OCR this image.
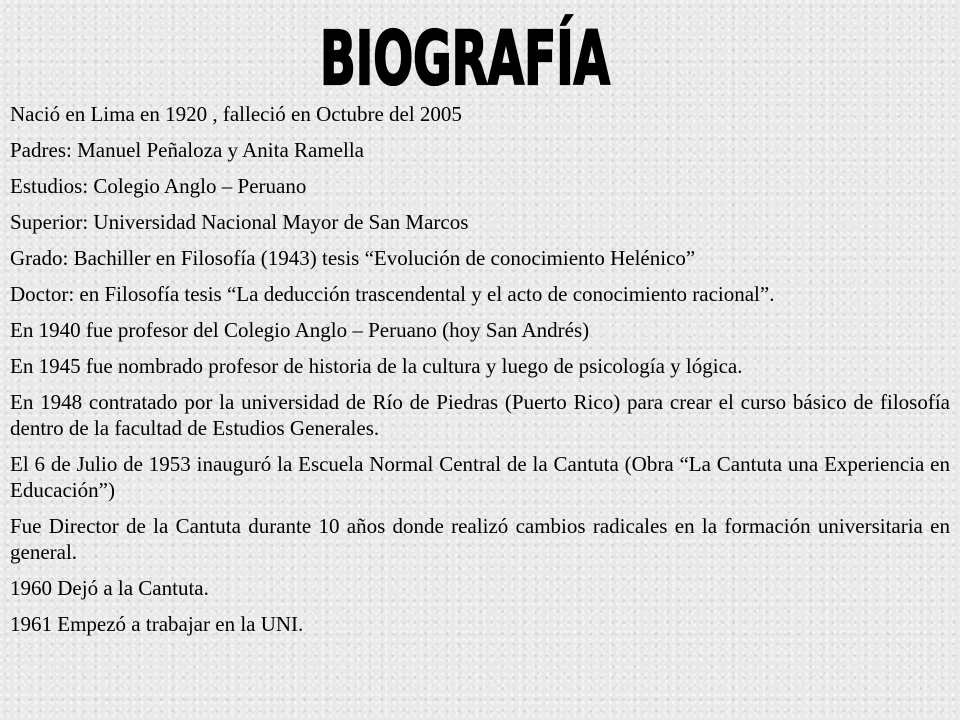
BIOGRAFÍA
Nació en Lima en 1920 , falleció en Octubre del 2005
Padres: Manuel Peñaloza y Anita Ramella
Estudios: Colegio Anglo – Peruano
Superior: Universidad Nacional Mayor de San Marcos
Grado: Bachiller en Filosofía (1943) tesis “Evolución de conocimiento Helénico”
Doctor: en Filosofía tesis “La deducción trascendental y el acto de conocimiento racional”.
En 1940 fue profesor del Colegio Anglo – Peruano (hoy San Andrés)
En 1945 fue nombrado profesor de historia de la cultura y luego de psicología y lógica.
En 1948 contratado por la universidad de Río de Piedras (Puerto Rico) para crear el curso básico de filosofía dentro de la facultad de Estudios Generales.
El 6 de Julio de 1953 inauguró la Escuela Normal Central de la Cantuta (Obra “La Cantuta una Experiencia en Educación”)
Fue Director de la Cantuta durante 10 años donde realizó cambios radicales en la formación universitaria en general.
1960 Dejó a la Cantuta.
1961 Empezó a trabajar en la UNI.
